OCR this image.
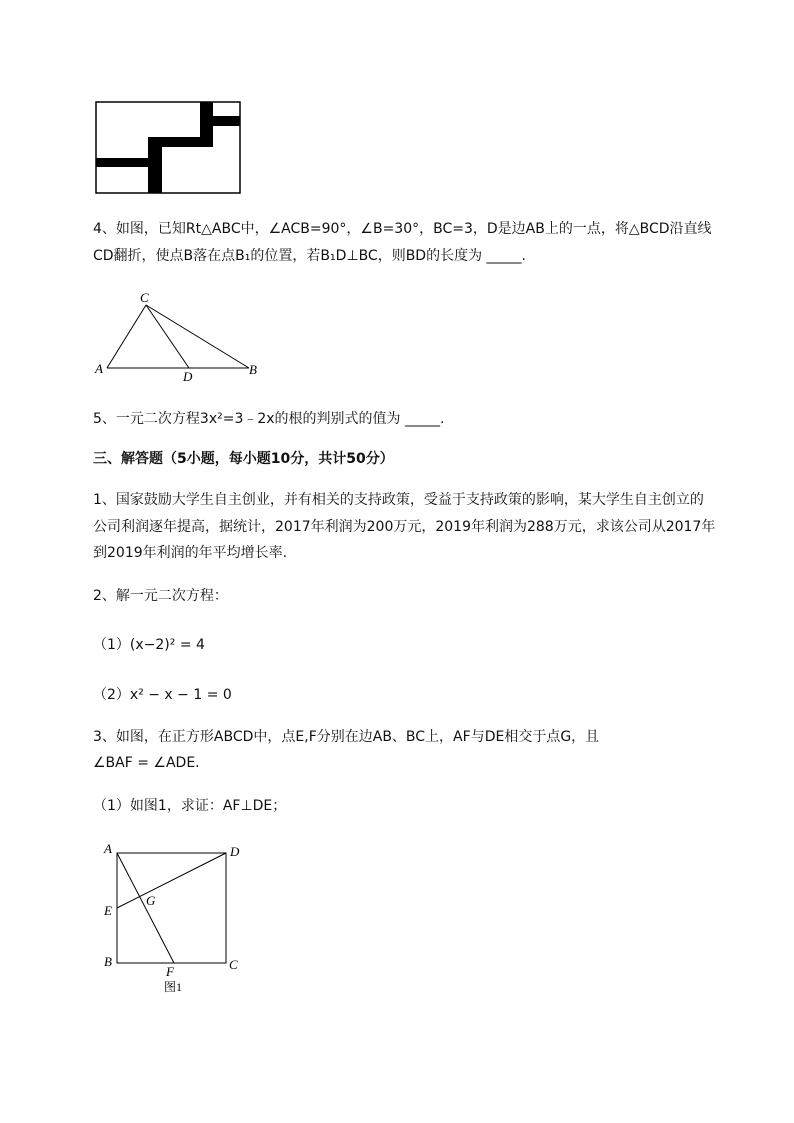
4、如图，已知Rt△ABC中，∠ACB=90°，∠B=30°，BC=3，D是边AB上的一点，将△BCD沿直线
CD翻折，使点B落在点B₁的位置，若B₁D⊥BC，则BD的长度为 _____.
C
A
D	B
5、一元二次方程3x²=3﹣2x的根的判别式的值为 _____.
三、解答题（5小题，每小题10分，共计50分）
1、国家鼓励大学生自主创业，并有相关的支持政策，受益于支持政策的影响，某大学生自主创立的
公司利润逐年提高，据统计，2017年利润为200万元，2019年利润为288万元，求该公司从2017年
到2019年利润的年平均增长率.
2、解一元二次方程：
（1）(x−2)² = 4
（2）x² − x − 1 = 0
3、如图，在正方形ABCD中，点E,F分别在边AB、BC上，AF与DE相交于点G，且
∠BAF = ∠ADE.
（1）如图1，求证：AF⊥DE；
A	D
E
G
B
F	C
图1
